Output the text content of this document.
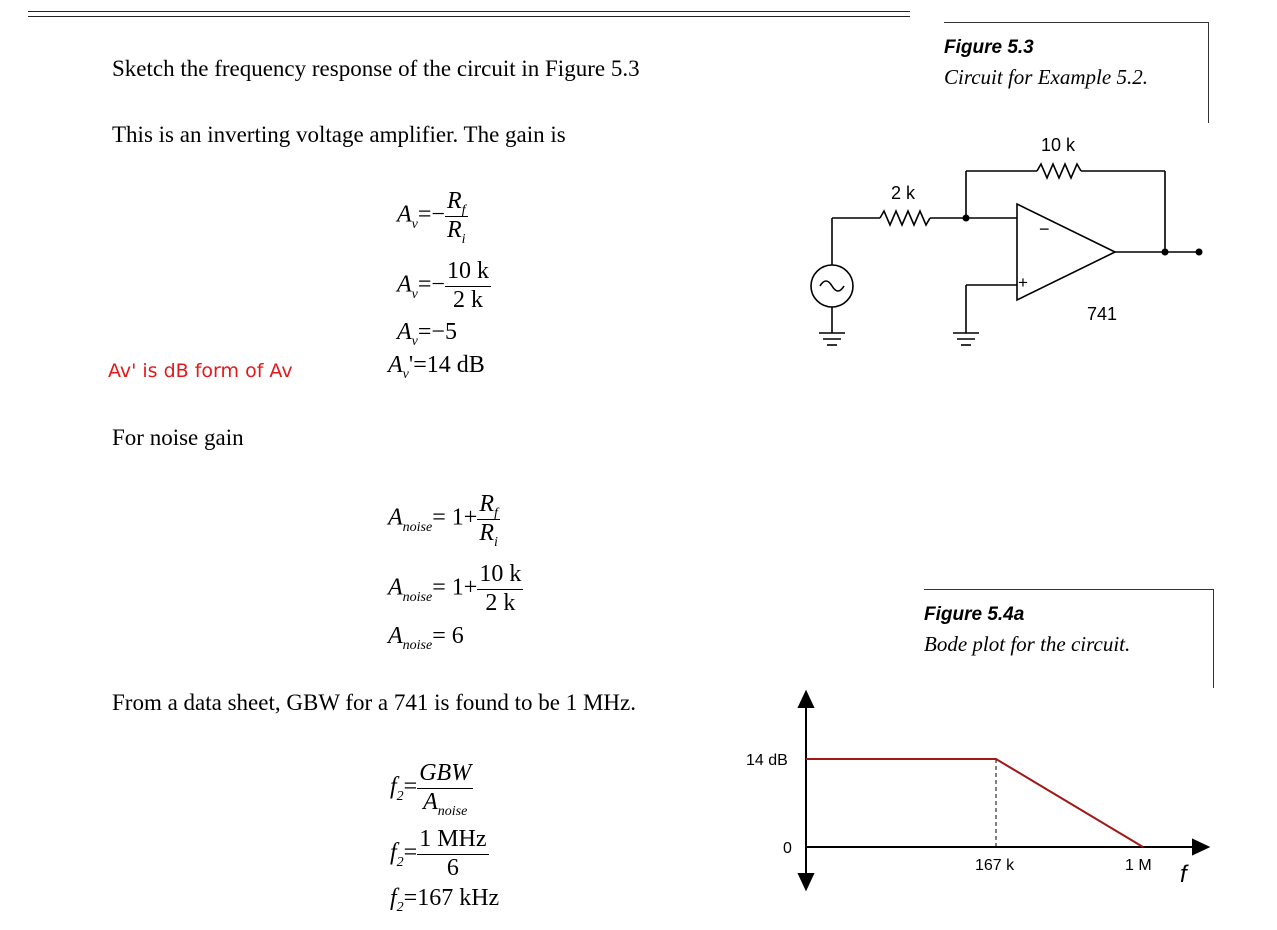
Sketch the frequency response of the circuit in Figure 5.3
This is an inverting voltage amplifier. The gain is
Av' is dB form of Av
For noise gain
From a data sheet, GBW for a 741 is found to be 1 MHz.
$A_v=- \frac{R_f}{R_i}$
$A_v=- \frac{10 k}{2 k}$
$A_v=-5$
$A_v'=14$ dB
$A_{noise}= 1+ \frac{R_f}{R_i}$
$A_{noise}= 1+ \frac{10 k}{2 k}$
$A_{noise}= 6$
$f_2= \frac{\text{GBW}}{A_{noise}}$
$f_2= \frac{\text{1 MHz}}{6}$
$f_2=167$ kHz
Figure 5.3
Circuit for Example 5.2.
−
+
10 k
2 k
741
Figure 5.4a
Bode plot for the circuit.
14 dB
0
167 k	1 M f
